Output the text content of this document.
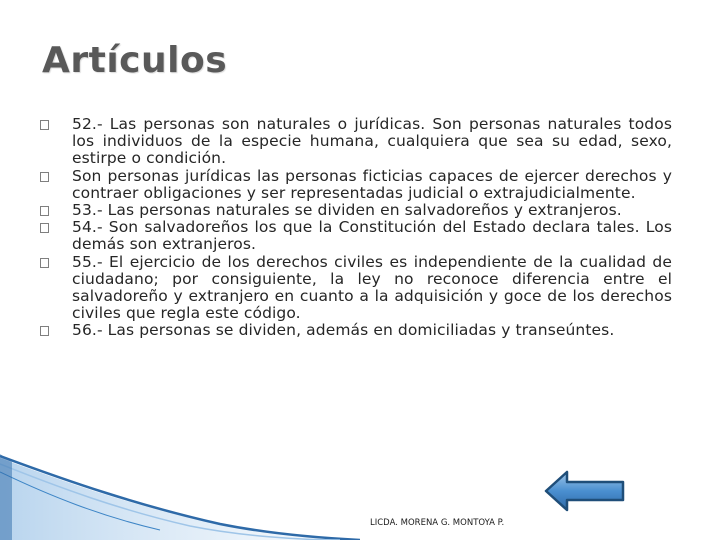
Artículos
52.- Las personas son naturales o jurídicas. Son personas naturales todos los individuos de la especie humana, cualquiera que sea su edad, sexo, estirpe o condición.
Son personas jurídicas las personas ficticias capaces de ejercer derechos y contraer obligaciones y ser representadas judicial o extrajudicialmente.
53.- Las personas naturales se dividen en salvadoreños y extranjeros.
54.- Son salvadoreños los que la Constitución del Estado declara tales. Los demás son extranjeros.
55.- El ejercicio de los derechos civiles es independiente de la cualidad de ciudadano; por consiguiente, la ley no reconoce diferencia entre el salvadoreño y extranjero en cuanto a la adquisición y goce de los derechos civiles que regla este código.
56.- Las personas se dividen, además en domiciliadas y transeúntes.
LICDA. MORENA G. MONTOYA P.
